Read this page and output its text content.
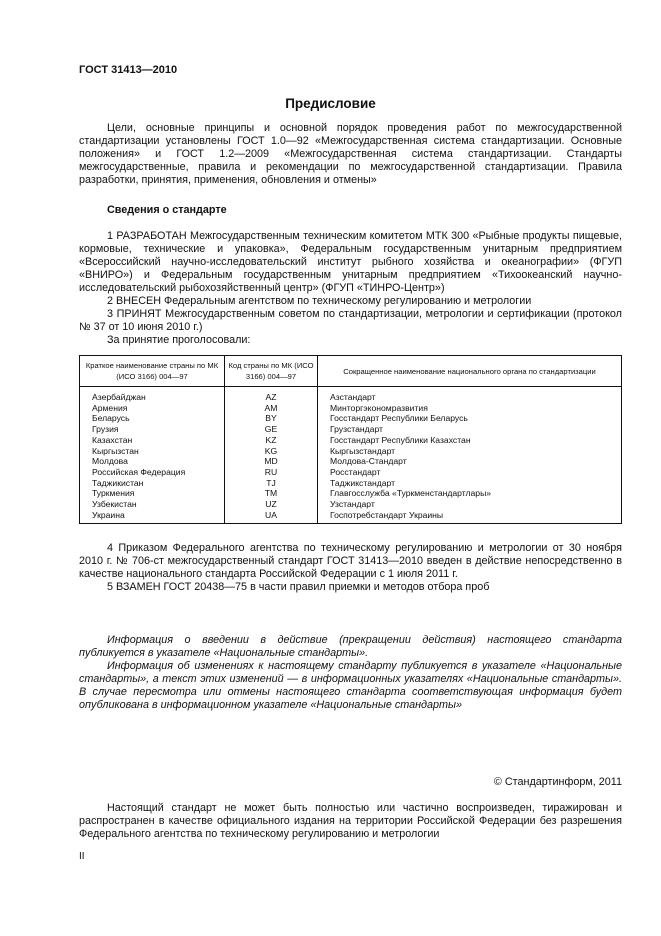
ГОСТ 31413—2010
Предисловие

Цели, основные принципы и основной порядок проведения работ по межгосударственной стандартизации установлены ГОСТ 1.0—92 «Межгосударственная система стандартизации. Основные положения» и ГОСТ 1.2—2009 «Межгосударственная система стандартизации. Стандарты межгосударственные, правила и рекомендации по межгосударственной стандартизации. Правила разработки, принятия, применения, обновления и отмены»

Сведения о стандарте

1 РАЗРАБОТАН Межгосударственным техническим комитетом МТК 300 «Рыбные продукты пищевые, кормовые, технические и упаковка», Федеральным государственным унитарным предприятием «Всероссийский научно-исследовательский институт рыбного хозяйства и океанографии» (ФГУП «ВНИРО») и Федеральным государственным унитарным предприятием «Тихоокеанский научно-исследовательский рыбохозяйственный центр» (ФГУП «ТИНРО-Центр»)

2 ВНЕСЕН Федеральным агентством по техническому регулированию и метрологии

3 ПРИНЯТ Межгосударственным советом по стандартизации, метрологии и сертификации (протокол № 37 от 10 июня 2010 г.)

За принятие проголосовали:

Краткое наименование страны по МК (ИСО 3166) 004—97	Код страны по МК (ИСО 3166) 004—97	Сокращенное наименование национального органа по стандартизации
Азербайджан	AZ	Азстандарт
Армения	AM	Минторгэкономразвития
Беларусь	BY	Госстандарт Республики Беларусь
Грузия	GE	Грузстандарт
Казахстан	KZ	Госстандарт Республики Казахстан
Кыргызстан	KG	Кыргызстандарт
Молдова	MD	Молдова-Стандарт
Российская Федерация	RU	Росстандарт
Таджикистан	TJ	Таджикстандарт
Туркмения	TM	Главгосслужба «Туркменстандартлары»
Узбекистан	UZ	Узстандарт
Украина	UA	Госпотребстандарт Украины

4 Приказом Федерального агентства по техническому регулированию и метрологии от 30 ноября 2010 г. № 706-ст межгосударственный стандарт ГОСТ 31413—2010 введен в действие непосредственно в качестве национального стандарта Российской Федерации с 1 июля 2011 г.

5 ВЗАМЕН ГОСТ 20438—75 в части правил приемки и методов отбора проб

Информация о введении в действие (прекращении действия) настоящего стандарта публикуется в указателе «Национальные стандарты».

Информация об изменениях к настоящему стандарту публикуется в указателе «Национальные стандарты», а текст этих изменений — в информационных указателях «Национальные стандарты». В случае пересмотра или отмены настоящего стандарта соответствующая информация будет опубликована в информационном указателе «Национальные стандарты»

© Стандартинформ, 2011

Настоящий стандарт не может быть полностью или частично воспроизведен, тиражирован и распространен в качестве официального издания на территории Российской Федерации без разрешения Федерального агентства по техническому регулированию и метрологии

II
